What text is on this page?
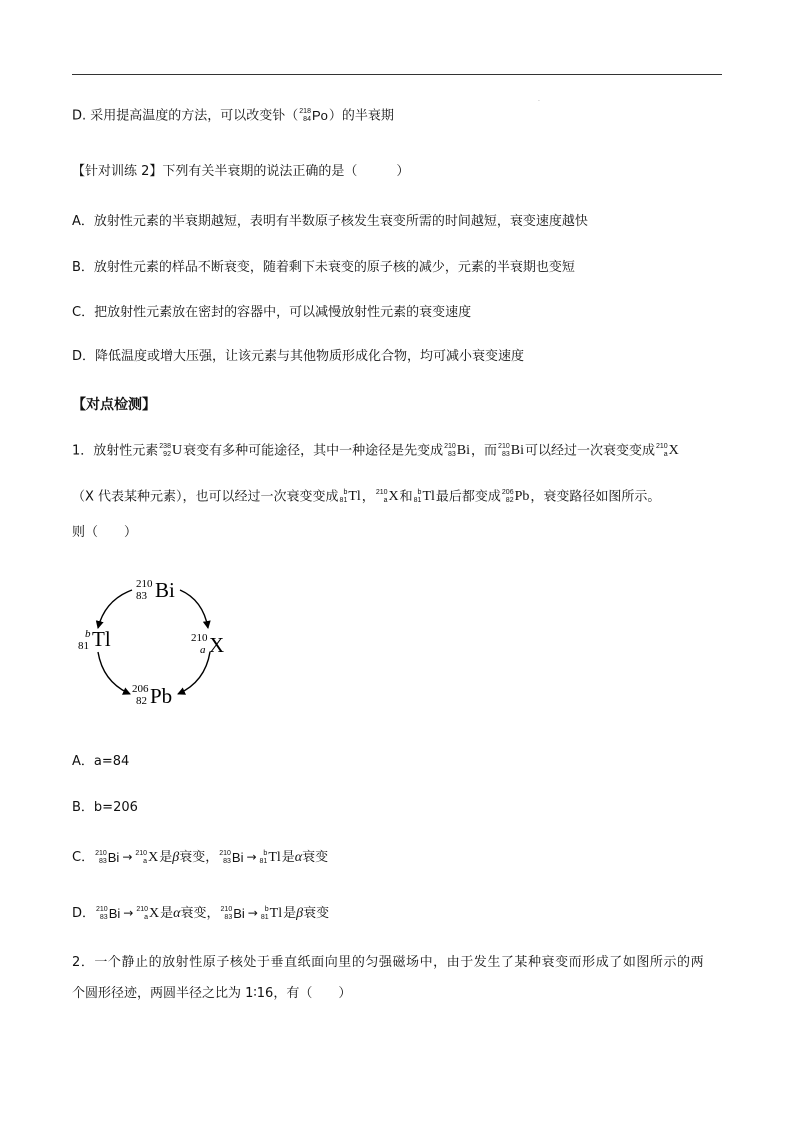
.
D. 采用提高温度的方法，可以改变钋（ 218
84 Po ）的半衰期
【针对训练 2】下列有关半衰期的说法正确的是（　　　）
A．放射性元素的半衰期越短，表明有半数原子核发生衰变所需的时间越短，衰变速度越快
B．放射性元素的样品不断衰变，随着剩下未衰变的原子核的减少，元素的半衰期也变短
C．把放射性元素放在密封的容器中，可以减慢放射性元素的衰变速度
D．降低温度或增大压强，让该元素与其他物质形成化合物，均可减小衰变速度
【对点检测】
1．放射性元素 238
92 U 衰变有多种可能途径，其中一种途径是先变成 210
83 Bi ，而 210
83 Bi 可以经过一次衰变变成 210
a X
（X 代表某种元素），也可以经过一次衰变变成 b
81 Tl ， 210
a X 和 b
81 Tl 最后都变成 206
82 Pb ，衰变路径如图所示。
则（　　）
210
83 Bi
b
81 Tl	210
a X
206
82 Pb
A．a=84
B．b=206
C． 210
83 Bi → 210
a X 是β衰变， 210
83 Bi → b
81 Tl 是α衰变
D． 210
83 Bi → 210
a X 是α衰变， 210
83 Bi → b
81 Tl 是β衰变
2．一个静止的放射性原子核处于垂直纸面向里的匀强磁场中，由于发生了某种衰变而形成了如图所示的两
个圆形径迹，两圆半径之比为 1∶16，有（　　）
